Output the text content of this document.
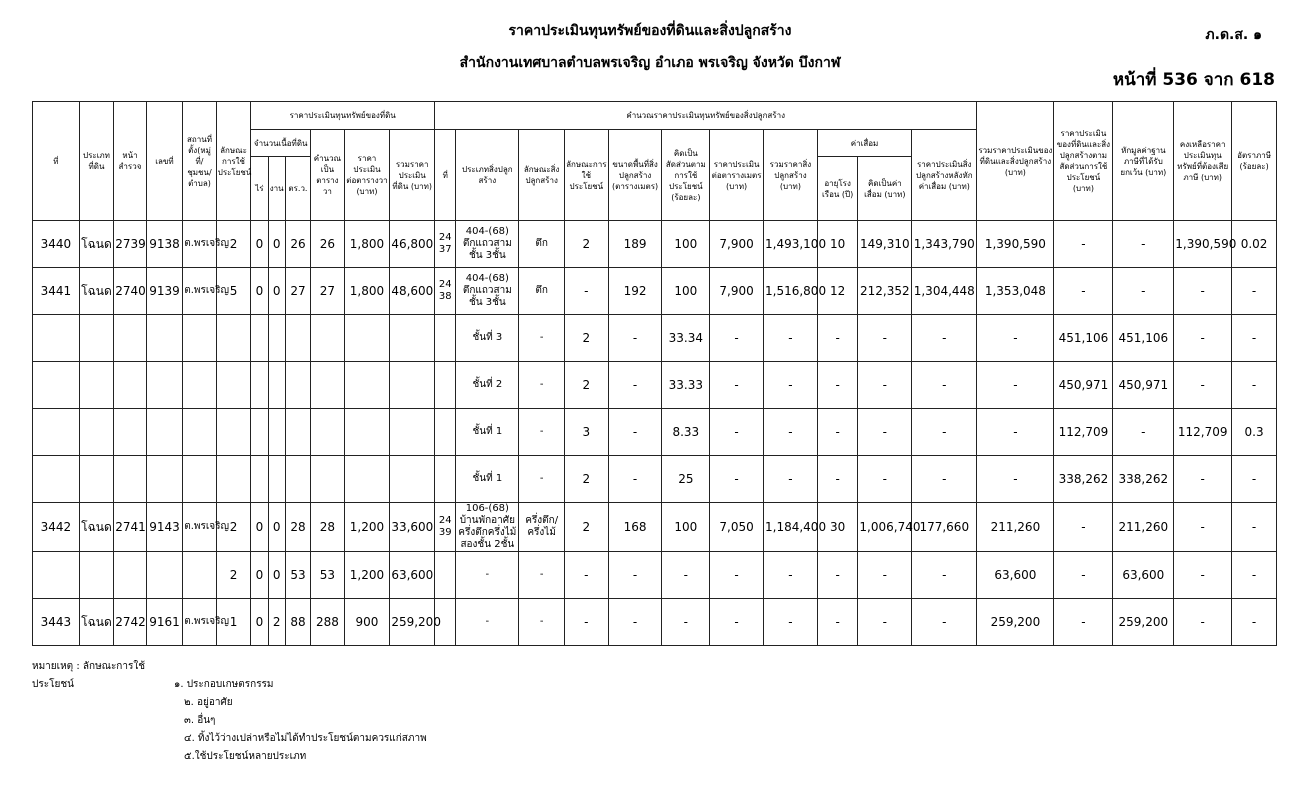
ราคาประเมินทุนทรัพย์ของที่ดินและสิ่งปลูกสร้าง
สำนักงานเทศบาลตำบลพรเจริญ อำเภอ พรเจริญ จังหวัด บึงกาฬ
ภ.ด.ส. ๑
หน้าที่ 536 จาก 618
ที่	ประเภทที่ดิน	หน้าสำรวจ	เลขที่	สถานที่ตั้ง(หมู่ที่/ชุมชน/ตำบล)	ลักษณะการใช้ประโยชน์	ราคาประเมินทุนทรัพย์ของที่ดิน						คำนวณราคาประเมินทุนทรัพย์ของสิ่งปลูกสร้าง											รวมราคาประเมินของที่ดินและสิ่งปลูกสร้าง (บาท)	ราคาประเมินของที่ดินและสิ่งปลูกสร้างตามสัดส่วนการใช้ประโยชน์ (บาท)	หักมูลค่าฐานภาษีที่ได้รับยกเว้น (บาท)	คงเหลือราคาประเมินทุนทรัพย์ที่ต้องเสียภาษี (บาท)	อัตราภาษี (ร้อยละ)
						จำนวนเนื้อที่ดิน			คำนวณเป็นตารางวา	ราคาประเมินต่อตารางวา (บาท)	รวมราคาประเมินที่ดิน (บาท)	ที่	ประเภทสิ่งปลูกสร้าง	ลักษณะสิ่งปลูกสร้าง	ลักษณะการใช้ประโยชน์	ขนาดพื้นที่สิ่งปลูกสร้าง (ตารางเมตร)	คิดเป็นสัดส่วนตามการใช้ประโยชน์ (ร้อยละ)	ราคาประเมินต่อตารางเมตร (บาท)	รวมราคาสิ่งปลูกสร้าง (บาท)	ค่าเสื่อม		ราคาประเมินสิ่งปลูกสร้างหลังหักค่าเสื่อม (บาท)					
						ไร่	งาน	ตร.ว.												อายุโรงเรือน (ปี)	คิดเป็นค่าเสื่อม (บาท)						
3440	โฉนด	2739	9138	ต.พรเจริญ	2	0	0	26	26	1,800	46,800	24 37	404-(68) ตึกแถวสามชั้น 3ชั้น	ตึก	2	189	100	7,900	1,493,100	10	149,310	1,343,790	1,390,590	-	-	1,390,590	0.02
3441	โฉนด	2740	9139	ต.พรเจริญ	5	0	0	27	27	1,800	48,600	24 38	404-(68) ตึกแถวสามชั้น 3ชั้น	ตึก	-	192	100	7,900	1,516,800	12	212,352	1,304,448	1,353,048	-	-	-	-
													ชั้นที่ 3	-	2	-	33.34	-	-	-	-	-	-	451,106	451,106	-	-
													ชั้นที่ 2	-	2	-	33.33	-	-	-	-	-	-	450,971	450,971	-	-
													ชั้นที่ 1	-	3	-	8.33	-	-	-	-	-	-	112,709	-	112,709	0.3
													ชั้นที่ 1	-	2	-	25	-	-	-	-	-	-	338,262	338,262	-	-
3442	โฉนด	2741	9143	ต.พรเจริญ	2	0	0	28	28	1,200	33,600	24 39	106-(68) บ้านพักอาศัยครึ่งตึกครึ่งไม้สองชั้น 2ชั้น	ครึ่งตึก/ครึ่งไม้	2	168	100	7,050	1,184,400	30	1,006,740	177,660	211,260	-	211,260	-	-
					2	0	0	53	53	1,200	63,600		-	-	-	-	-	-	-	-	-	-	63,600	-	63,600	-	-
3443	โฉนด	2742	9161	ต.พรเจริญ	1	0	2	88	288	900	259,200		-	-	-	-	-	-	-	-	-	-	259,200	-	259,200	-	-
หมายเหตุ : ลักษณะการใช้ประโยชน์	๑. ประกอบเกษตรกรรม
๒. อยู่อาศัย
๓. อื่นๆ
๔. ทิ้งไว้ว่างเปล่าหรือไม่ได้ทำประโยชน์ตามควรแก่สภาพ
๕.ใช้ประโยชน์หลายประเภท
